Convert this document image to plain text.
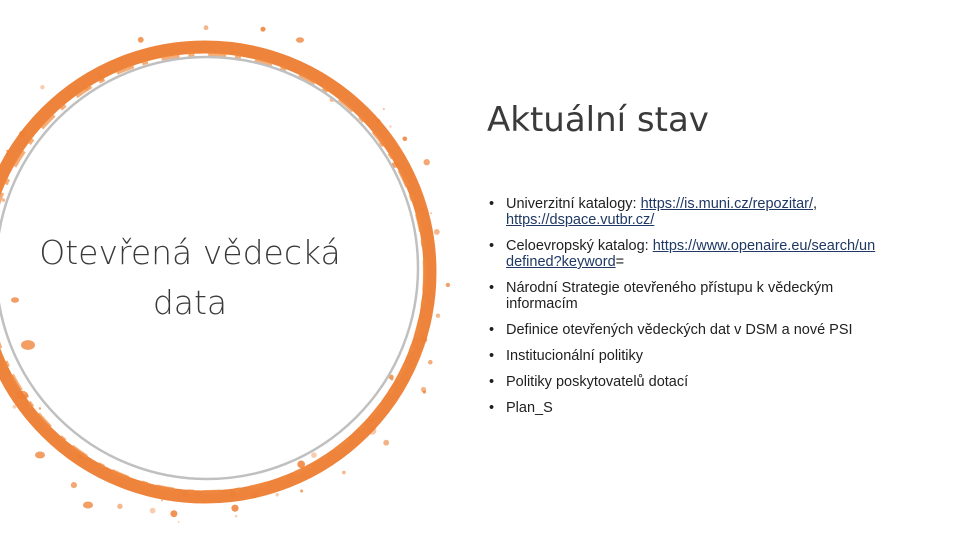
Otevřená vědecká
data
Aktuální stav
• Univerzitní katalogy: https://is.muni.cz/repozitar/, https://dspace.vutbr.cz/
• Celoevropský katalog: https://www.openaire.eu/search/undefined?keyword=
• Národní Strategie otevřeného přístupu k vědeckým informacím
• Definice otevřených vědeckých dat v DSM a nové PSI
• Institucionální politiky
• Politiky poskytovatelů dotací
• Plan_S
